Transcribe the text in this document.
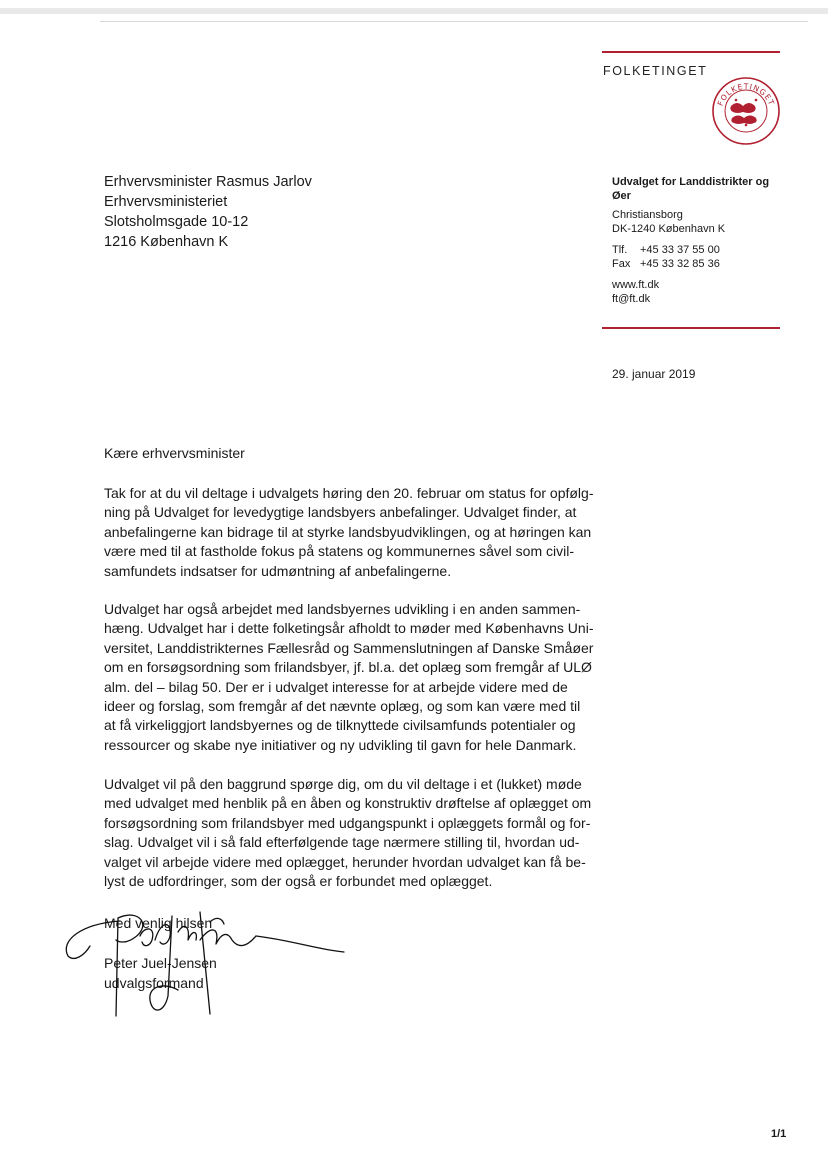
FOLKETINGET
FOLKETINGET
Udvalget for Landdistrikter og
Øer
Christiansborg
DK-1240 København K
Tlf. +45 33 37 55 00
Fax +45 33 32 85 36
www.ft.dk
ft@ft.dk
29. januar 2019
Erhvervsminister Rasmus Jarlov
Erhvervsministeriet
Slotsholmsgade 10-12
1216 København K
Kære erhvervsminister
Tak for at du vil deltage i udvalgets høring den 20. februar om status for opfølg-
ning på Udvalget for levedygtige landsbyers anbefalinger. Udvalget finder, at
anbefalingerne kan bidrage til at styrke landsbyudviklingen, og at høringen kan
være med til at fastholde fokus på statens og kommunernes såvel som civil-
samfundets indsatser for udmøntning af anbefalingerne.
Udvalget har også arbejdet med landsbyernes udvikling i en anden sammen-
hæng. Udvalget har i dette folketingsår afholdt to møder med Københavns Uni-
versitet, Landdistrikternes Fællesråd og Sammenslutningen af Danske Småøer
om en forsøgsordning som frilandsbyer, jf. bl.a. det oplæg som fremgår af ULØ
alm. del – bilag 50. Der er i udvalget interesse for at arbejde videre med de
ideer og forslag, som fremgår af det nævnte oplæg, og som kan være med til
at få virkeliggjort landsbyernes og de tilknyttede civilsamfunds potentialer og
ressourcer og skabe nye initiativer og ny udvikling til gavn for hele Danmark.
Udvalget vil på den baggrund spørge dig, om du vil deltage i et (lukket) møde
med udvalget med henblik på en åben og konstruktiv drøftelse af oplægget om
forsøgsordning som frilandsbyer med udgangspunkt i oplæggets formål og for-
slag. Udvalget vil i så fald efterfølgende tage nærmere stilling til, hvordan ud-
valget vil arbejde videre med oplægget, herunder hvordan udvalget kan få be-
lyst de udfordringer, som der også er forbundet med oplægget.
Med venlig hilsen
Peter Juel-Jensen
udvalgsformand
1/1
